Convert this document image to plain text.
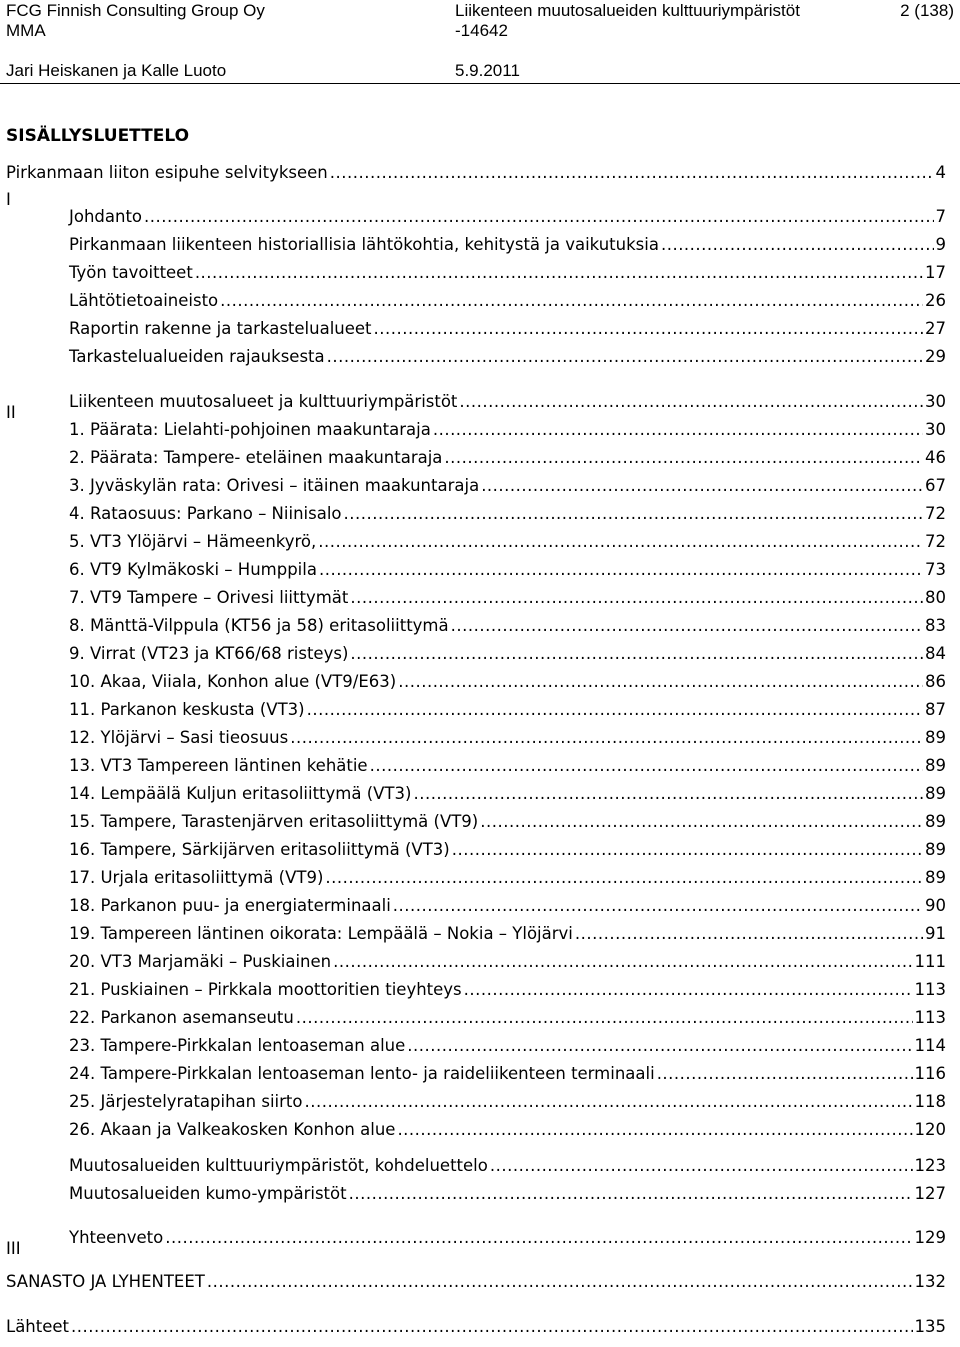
FCG Finnish Consulting Group Oy
MMA
Jari Heiskanen ja Kalle Luoto
Liikenteen muutosalueiden kulttuuriympäristöt
-14642
5.9.2011
2 (138)
SISÄLLYSLUETTELO
I
II
III
Pirkanmaan liiton esipuhe selvitykseen .....	4
Johdanto .....	7
Pirkanmaan liikenteen historiallisia lähtökohtia, kehitystä ja vaikutuksia .....	9
Työn tavoitteet .....	17
Lähtötietoaineisto .....	26
Raportin rakenne ja tarkastelualueet .....	27
Tarkastelualueiden rajauksesta .....	29
Liikenteen muutosalueet ja kulttuuriympäristöt .....	30
1. Päärata: Lielahti-pohjoinen maakuntaraja .....	30
2. Päärata: Tampere- eteläinen maakuntaraja .....	46
3. Jyväskylän rata: Orivesi – itäinen maakuntaraja .....	67
4. Rataosuus: Parkano – Niinisalo .....	72
5. VT3 Ylöjärvi – Hämeenkyrö, .....	72
6. VT9 Kylmäkoski – Humppila .....	73
7. VT9 Tampere – Orivesi liittymät .....	80
8. Mänttä-Vilppula (KT56 ja 58) eritasoliittymä .....	83
9. Virrat (VT23 ja KT66/68 risteys) .....	84
10. Akaa, Viiala, Konhon alue (VT9/E63) .....	86
11. Parkanon keskusta (VT3) .....	87
12. Ylöjärvi – Sasi tieosuus .....	89
13. VT3 Tampereen läntinen kehätie .....	89
14. Lempäälä Kuljun eritasoliittymä (VT3) .....	89
15. Tampere, Tarastenjärven eritasoliittymä (VT9) .....	89
16. Tampere, Särkijärven eritasoliittymä (VT3) .....	89
17. Urjala eritasoliittymä (VT9) .....	89
18. Parkanon puu- ja energiaterminaali .....	90
19. Tampereen läntinen oikorata: Lempäälä – Nokia – Ylöjärvi .....	91
20. VT3 Marjamäki – Puskiainen .....	111
21. Puskiainen – Pirkkala moottoritien tieyhteys .....	113
22. Parkanon asemanseutu .....	113
23. Tampere-Pirkkalan lentoaseman alue .....	114
24. Tampere-Pirkkalan lentoaseman lento- ja raideliikenteen terminaali .....	116
25. Järjestelyratapihan siirto .....	118
26. Akaan ja Valkeakosken Konhon alue .....	120
Muutosalueiden kulttuuriympäristöt, kohdeluettelo .....	123
Muutosalueiden kumo-ympäristöt .....	127
Yhteenveto .....	129
SANASTO JA LYHENTEET .....	132
Lähteet .....	135
